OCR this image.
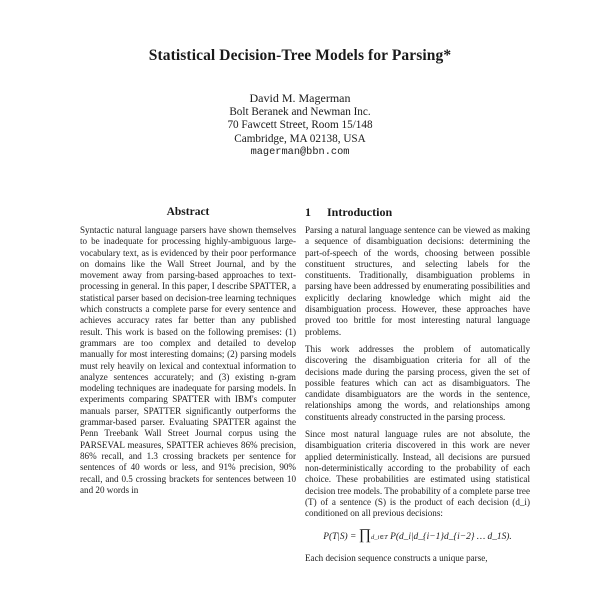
Statistical Decision-Tree Models for Parsing*
David M. Magerman
Bolt Beranek and Newman Inc.
70 Fawcett Street, Room 15/148
Cambridge, MA 02138, USA
magerman@bbn.com
Abstract

Syntactic natural language parsers have shown themselves to be inadequate for processing highly-ambiguous large-vocabulary text, as is evidenced by their poor performance on domains like the Wall Street Journal, and by the movement away from parsing-based approaches to text-processing in general. In this paper, I describe SPATTER, a statistical parser based on decision-tree learning techniques which constructs a complete parse for every sentence and achieves accuracy rates far better than any published result. This work is based on the following premises: (1) grammars are too complex and detailed to develop manually for most interesting domains; (2) parsing models must rely heavily on lexical and contextual information to analyze sentences accurately; and (3) existing n-gram modeling techniques are inadequate for parsing models. In experiments comparing SPATTER with IBM's computer manuals parser, SPATTER significantly outperforms the grammar-based parser. Evaluating SPATTER against the Penn Treebank Wall Street Journal corpus using the PARSEVAL measures, SPATTER achieves 86% precision, 86% recall, and 1.3 crossing brackets per sentence for sentences of 40 words or less, and 91% precision, 90% recall, and 0.5 crossing brackets for sentences between 10 and 20 words in

1 Introduction

Parsing a natural language sentence can be viewed as making a sequence of disambiguation decisions: determining the part-of-speech of the words, choosing between possible constituent structures, and selecting labels for the constituents. Traditionally, disambiguation problems in parsing have been addressed by enumerating possibilities and explicitly declaring knowledge which might aid the disambiguation process. However, these approaches have proved too brittle for most interesting natural language problems.

This work addresses the problem of automatically discovering the disambiguation criteria for all of the decisions made during the parsing process, given the set of possible features which can act as disambiguators. The candidate disambiguators are the words in the sentence, relationships among the words, and relationships among constituents already constructed in the parsing process.

Since most natural language rules are not absolute, the disambiguation criteria discovered in this work are never applied deterministically. Instead, all decisions are pursued non-deterministically according to the probability of each choice. These probabilities are estimated using statistical decision tree models. The probability of a complete parse tree (T) of a sentence (S) is the product of each decision (d_i) conditioned on all previous decisions:

P(T|S) = ∏d_i∈T P(d_i|d_{i−1}d_{i−2} … d_1S).

Each decision sequence constructs a unique parse,
